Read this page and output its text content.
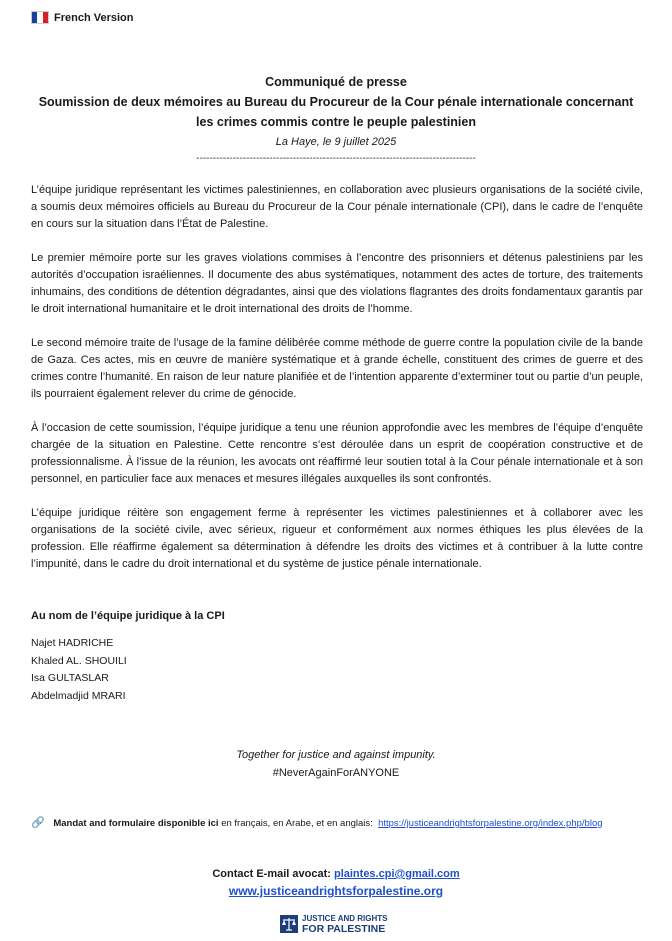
French Version
Communiqué de presse
Soumission de deux mémoires au Bureau du Procureur de la Cour pénale internationale concernant les crimes commis contre le peuple palestinien
La Haye, le 9 juillet 2025
------------------------------------------------------------------------------------

L’équipe juridique représentant les victimes palestiniennes, en collaboration avec plusieurs organisations de la société civile, a soumis deux mémoires officiels au Bureau du Procureur de la Cour pénale internationale (CPI), dans le cadre de l’enquête en cours sur la situation dans l’État de Palestine.

Le premier mémoire porte sur les graves violations commises à l’encontre des prisonniers et détenus palestiniens par les autorités d’occupation israéliennes. Il documente des abus systématiques, notamment des actes de torture, des traitements inhumains, des conditions de détention dégradantes, ainsi que des violations flagrantes des droits fondamentaux garantis par le droit international humanitaire et le droit international des droits de l’homme.

Le second mémoire traite de l’usage de la famine délibérée comme méthode de guerre contre la population civile de la bande de Gaza. Ces actes, mis en œuvre de manière systématique et à grande échelle, constituent des crimes de guerre et des crimes contre l’humanité. En raison de leur nature planifiée et de l’intention apparente d’exterminer tout ou partie d’un peuple, ils pourraient également relever du crime de génocide.

À l’occasion de cette soumission, l’équipe juridique a tenu une réunion approfondie avec les membres de l’équipe d’enquête chargée de la situation en Palestine. Cette rencontre s’est déroulée dans un esprit de coopération constructive et de professionnalisme. À l’issue de la réunion, les avocats ont réaffirmé leur soutien total à la Cour pénale internationale et à son personnel, en particulier face aux menaces et mesures illégales auxquelles ils sont confrontés.

L’équipe juridique réitère son engagement ferme à représenter les victimes palestiniennes et à collaborer avec les organisations de la société civile, avec sérieux, rigueur et conformément aux normes éthiques les plus élevées de la profession. Elle réaffirme également sa détermination à défendre les droits des victimes et à contribuer à la lutte contre l’impunité, dans le cadre du droit international et du système de justice pénale internationale.

Au nom de l’équipe juridique à la CPI
Najet HADRICHE
Khaled AL. SHOUILI
Isa GULTASLAR
Abdelmadjid MRARI
Together for justice and against impunity.
#NeverAgainForANYONE
🔗 Mandat and formulaire disponible ici en français, en Arabe, et en anglais: https://justiceandrightsforpalestine.org/index.php/blog
Contact E-mail avocat: plaintes.cpi@gmail.com
www.justiceandrightsforpalestine.org
JUSTICE AND RIGHTS
FOR PALESTINE
